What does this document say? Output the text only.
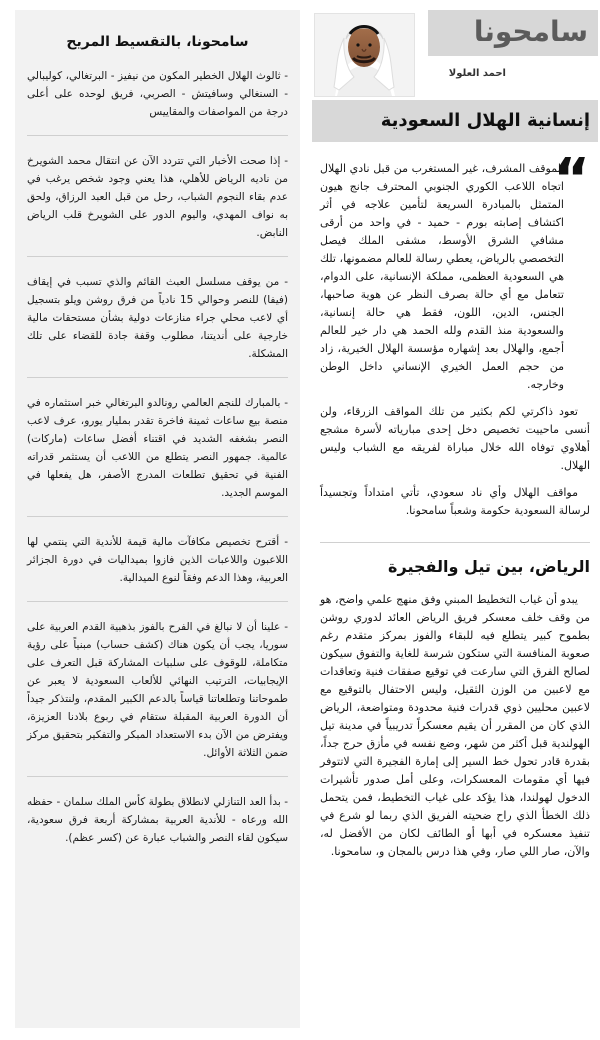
سامحونا، بالتقسيط المريح

- ثالوث الهلال الخطير المكون من نيفيز - البرتغالي، كوليبالي - السنغالي وسافيتش - الصربي، فريق لوحده على أعلى درجة من المواصفات والمقاييس

- إذا صحت الأخبار التي تتردد الآن عن انتقال محمد الشويرخ من ناديه الرياض للأهلي، هذا يعني وجود شخص يرغب في عدم بقاء النجوم الشباب، رحل من قبل العبد الرزاق، ولحق به نواف المهدي، واليوم الدور على الشويرخ قلب الرياض النابض.

- من يوقف مسلسل العبث القائم والذي تسبب في إيقاف (فيفا) للنصر وحوالي 15 نادياً من فرق روشن ويلو بتسجيل أي لاعب محلي جراء منازعات دولية بشأن مستحقات مالية خارجية على أنديتنا، مطلوب وقفة جادة للقضاء على تلك المشكلة.

- بالمبارك للنجم العالمي رونالدو البرتغالي خبر استثماره في منصة بيع ساعات ثمينة فاخرة تقدر بمليار يورو، عرف لاعب النصر بشغفه الشديد في اقتناء أفضل ساعات (ماركات) عالمية. جمهور النصر يتطلع من اللاعب أن يستثمر قدراته الفنية في تحقيق تطلعات المدرج الأصفر، هل يفعلها في الموسم الجديد.

- أقترح تخصيص مكافآت مالية قيمة للأندية التي ينتمي لها اللاعبون واللاعبات الذين فازوا بميداليات في دورة الجزائر العربية، وهذا الدعم وفقاً لنوع الميدالية.

- علينا أن لا نبالغ في الفرح بالفوز بذهبية القدم العربية على سوريا، يجب أن يكون هناك (كشف حساب) مبنياً على رؤية متكاملة، للوقوف على سلبيات المشاركة قبل التعرف على الإيجابيات، الترتيب النهائي للألعاب السعودية لا يعبر عن طموحاتنا وتطلعاتنا قياساً بالدعم الكبير المقدم، ولنتذكر جيداً أن الدورة العربية المقبلة ستقام في ربوع بلادنا العزيزة، ويفترض من الآن بدء الاستعداد المبكر والتفكير بتحقيق مركز ضمن الثلاثة الأوائل.

- بدأ العد التنازلي لانطلاق بطولة كأس الملك سلمان - حفظه الله ورعاه - للأندية العربية بمشاركة أربعة فرق سعودية، سيكون لقاء النصر والشباب عبارة عن (كسر عظم).

سامحونا
احمد العلولا
إنسانية الهلال السعودية
“

الموقف المشرف، غير المستغرب من قبل نادي الهلال اتجاه اللاعب الكوري الجنوبي المحترف جانج هيون المتمثل بالمبادرة السريعة لتأمين علاجه في أثر اكتشاف إصابته بورم - حميد - في واحد من أرقى مشافي الشرق الأوسط، مشفى الملك فيصل التخصصي بالرياض، يعطي رسالة للعالم مضمونها، تلك هي السعودية العظمى، مملكة الإنسانية، على الدوام، تتعامل مع أي حالة بصرف النظر عن هوية صاحبها، الجنس، الدين، اللون، فقط هي حالة إنسانية، والسعودية منذ القدم ولله الحمد هي دار خير للعالم أجمع، والهلال بعد إشهاره مؤسسة الهلال الخيرية، زاد من حجم العمل الخيري الإنساني داخل الوطن وخارجه.

تعود ذاكرتي لكم بكثير من تلك المواقف الزرقاء، ولن أنسى ماحييت تخصيص دخل إحدى مبارياته لأسرة مشجع أهلاوي توفاه الله خلال مباراة لفريقه مع الشباب وليس الهلال.

مواقف الهلال وأي ناد سعودي، تأتي امتداداً وتجسيداً لرسالة السعودية حكومة وشعباً سامحونا.

الرياض، بين تيل والفجيرة

يبدو أن غياب التخطيط المبني وفق منهج علمي واضح، هو من وقف خلف معسكر فريق الرياض العائد لدوري روشن بطموح كبير يتطلع فيه للبقاء والفوز بمركز متقدم رغم صعوبة المنافسة التي ستكون شرسة للغاية والتفوق سيكون لصالح الفرق التي سارعت في توقيع صفقات فنية وتعاقدات مع لاعبين من الوزن الثقيل، وليس الاحتفال بالتوقيع مع لاعبين محليين ذوي قدرات فنية محدودة ومتواضعة، الرياض الذي كان من المقرر أن يقيم معسكراً تدريبياً في مدينة تيل الهولندية قبل أكثر من شهر، وضع نفسه في مأزق حرج جداً، بقدرة قادر تحول خط السير إلى إمارة الفجيرة التي لاتتوفر فيها أي مقومات المعسكرات، وعلى أمل صدور تأشيرات الدخول لهولندا، هذا يؤكد على غياب التخطيط، فمن يتحمل ذلك الخطأ الذي راح ضحيته الفريق الذي ربما لو شرع في تنفيذ معسكره في أبها أو الطائف لكان من الأفضل له، والآن، صار اللي صار، وفي هذا درس بالمجان و، سامحونا.
